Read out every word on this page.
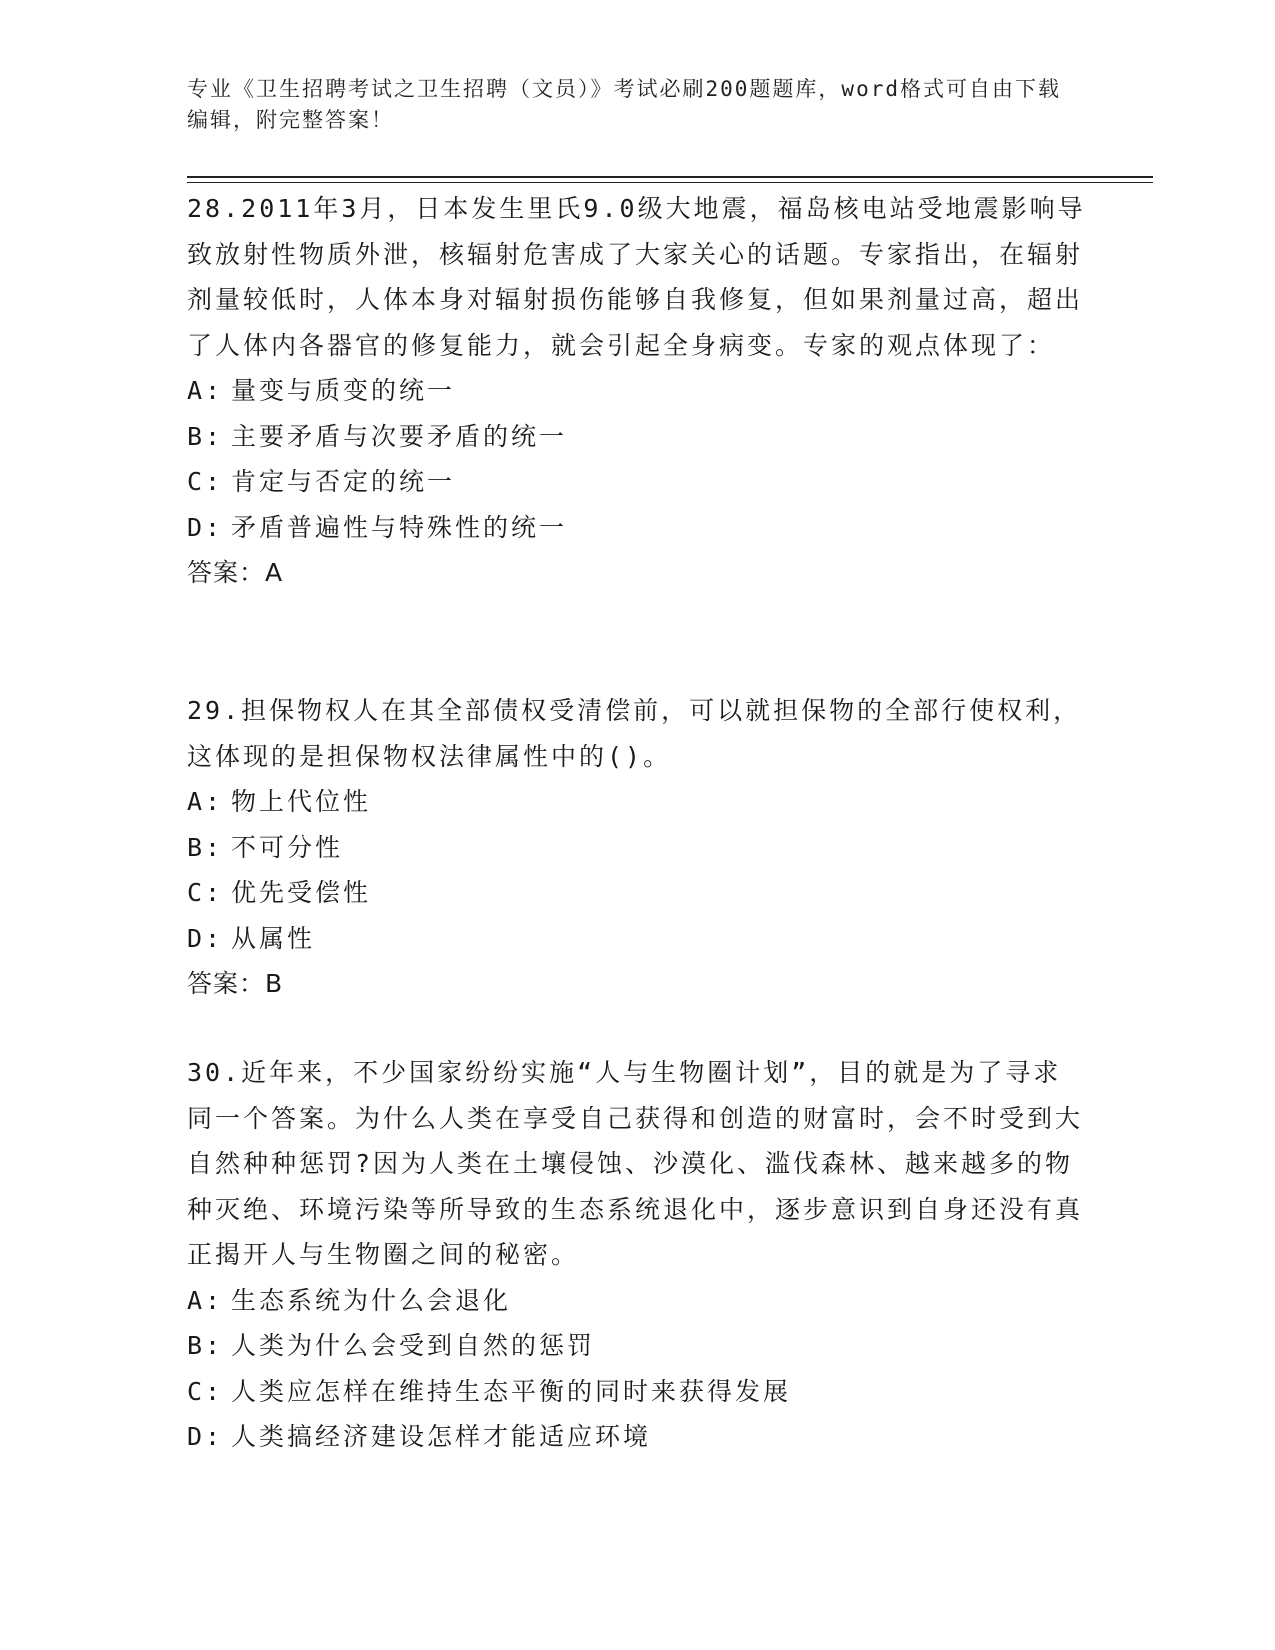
专业《卫生招聘考试之卫生招聘（文员）》考试必刷200题题库，word格式可自由下载编辑，附完整答案！

28.2011年3月，日本发生里氏9.0级大地震，福岛核电站受地震影响导致放射性物质外泄，核辐射危害成了大家关心的话题。专家指出，在辐射剂量较低时，人体本身对辐射损伤能够自我修复，但如果剂量过高，超出了人体内各器官的修复能力，就会引起全身病变。专家的观点体现了：

A: 量变与质变的统一

B: 主要矛盾与次要矛盾的统一

C: 肯定与否定的统一

D: 矛盾普遍性与特殊性的统一

答案：A

29.担保物权人在其全部债权受清偿前，可以就担保物的全部行使权利，这体现的是担保物权法律属性中的()。

A: 物上代位性

B: 不可分性

C: 优先受偿性

D: 从属性

答案：B

30.近年来，不少国家纷纷实施“人与生物圈计划”，目的就是为了寻求同一个答案。为什么人类在享受自己获得和创造的财富时，会不时受到大自然种种惩罚?因为人类在土壤侵蚀、沙漠化、滥伐森林、越来越多的物种灭绝、环境污染等所导致的生态系统退化中，逐步意识到自身还没有真正揭开人与生物圈之间的秘密。

A: 生态系统为什么会退化

B: 人类为什么会受到自然的惩罚

C: 人类应怎样在维持生态平衡的同时来获得发展

D: 人类搞经济建设怎样才能适应环境
